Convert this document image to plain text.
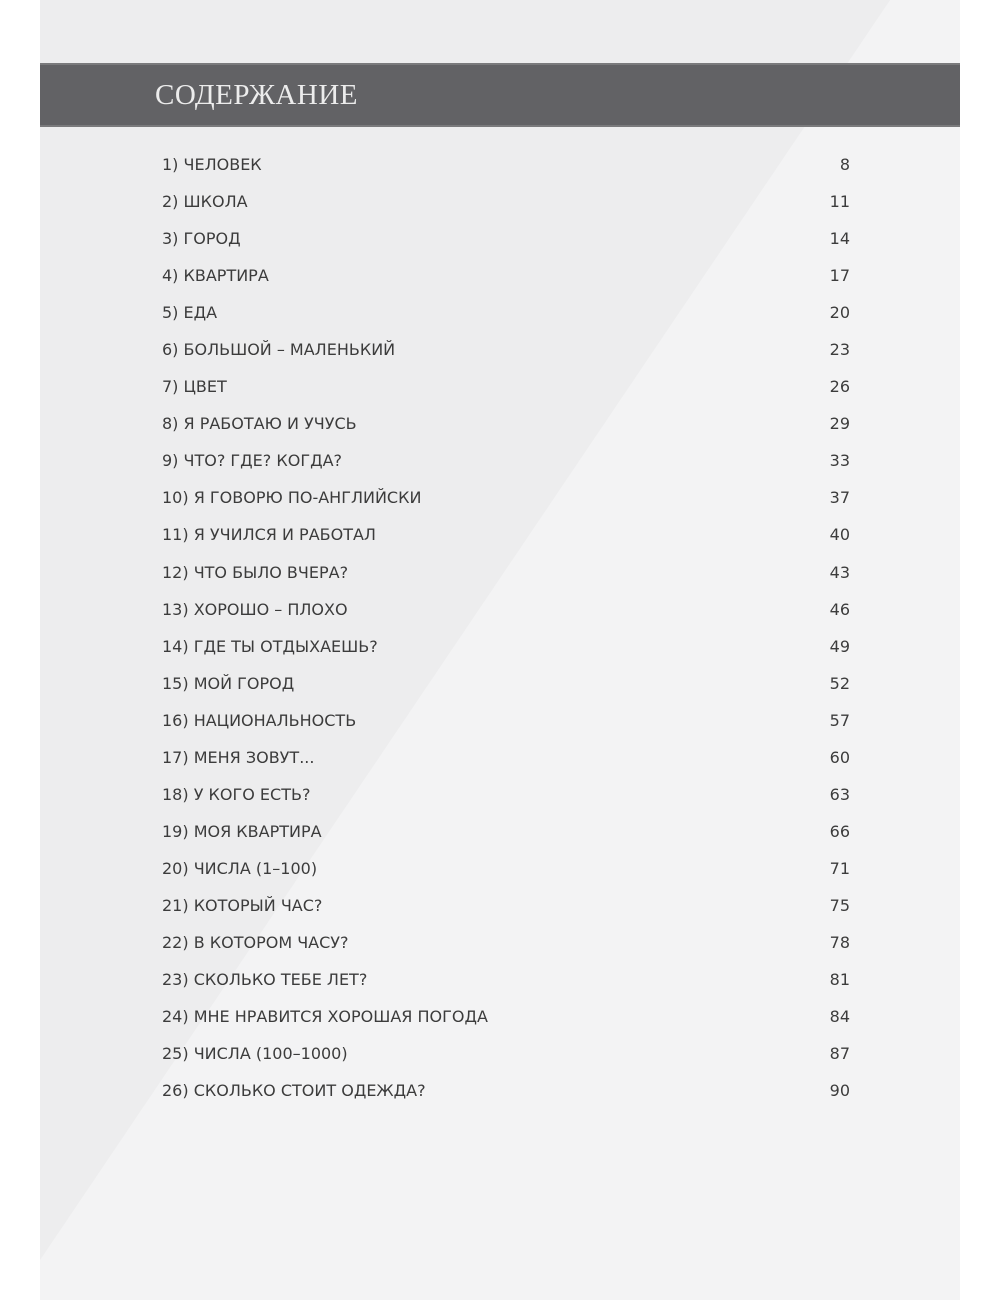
СОДЕРЖАНИЕ
1) ЧЕЛОВЕК	8
2) ШКОЛА	11
3) ГОРОД	14
4) КВАРТИРА	17
5) ЕДА	20
6) БОЛЬШОЙ – МАЛЕНЬКИЙ	23
7) ЦВЕТ	26
8) Я РАБОТАЮ И УЧУСЬ	29
9) ЧТО? ГДЕ? КОГДА?	33
10) Я ГОВОРЮ ПО-АНГЛИЙСКИ	37
11) Я УЧИЛСЯ И РАБОТАЛ	40
12) ЧТО БЫЛО ВЧЕРА?	43
13) ХОРОШО – ПЛОХО	46
14) ГДЕ ТЫ ОТДЫХАЕШЬ?	49
15) МОЙ ГОРОД	52
16) НАЦИОНАЛЬНОСТЬ	57
17) МЕНЯ ЗОВУТ...	60
18) У КОГО ЕСТЬ?	63
19) МОЯ КВАРТИРА	66
20) ЧИСЛА (1–100)	71
21) КОТОРЫЙ ЧАС?	75
22) В КОТОРОМ ЧАСУ?	78
23) СКОЛЬКО ТЕБЕ ЛЕТ?	81
24) МНЕ НРАВИТСЯ ХОРОШАЯ ПОГОДА	84
25) ЧИСЛА (100–1000)	87
26) СКОЛЬКО СТОИТ ОДЕЖДА?	90
